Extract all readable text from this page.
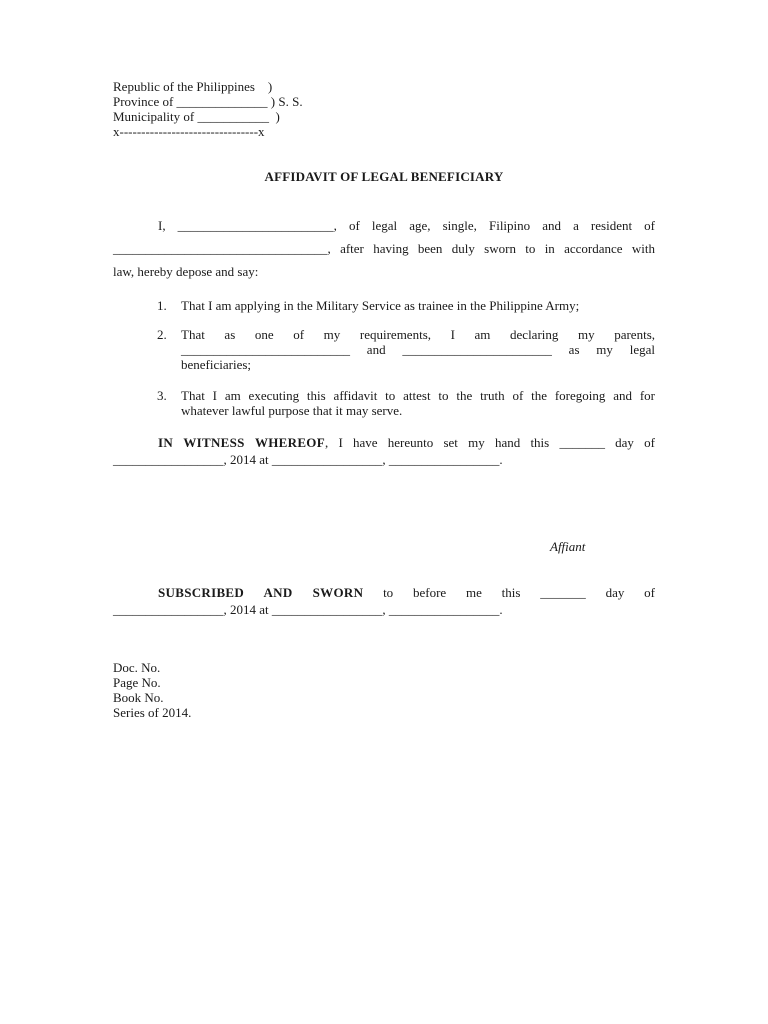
Republic of the Philippines    )
Province of ______________ ) S. S.
Municipality of ___________  )
x--------------------------------x
AFFIDAVIT OF LEGAL BENEFICIARY
I, ________________________, of legal age, single, Filipino and a resident of
_________________________________, after having been duly sworn to in accordance with
law, hereby depose and say:
1. That I am applying in the Military Service as trainee in the Philippine Army;
2. That as one of my requirements, I am declaring my parents,
__________________________ and _______________________ as my legal
beneficiaries;
3. That I am executing this affidavit to attest to the truth of the foregoing and for
whatever lawful purpose that it may serve.
IN WITNESS WHEREOF, I have hereunto set my hand this _______ day of
_________________, 2014 at _________________, _________________.
Affiant
SUBSCRIBED AND SWORN to before me this _______ day of
_________________, 2014 at _________________, _________________.
Doc. No.
Page No.
Book No.
Series of 2014.
